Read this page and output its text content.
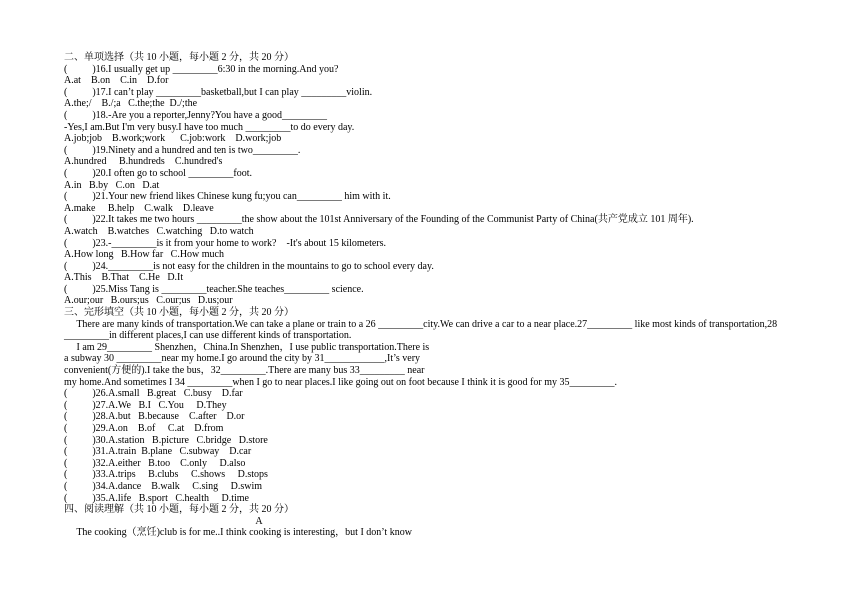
二、单项选择（共 10 小题，每小题 2 分，共 20 分）
(          )16.I usually get up _________6:30 in the morning.And you?
A.at    B.on    C.in    D.for
(          )17.I can’t play _________basketball,but I can play _________violin.
A.the;/    B./;a   C.the;the  D./;the
(          )18.-Are you a reporter,Jenny?You have a good_________
-Yes,I am.But I'm very busy.I have too much _________to do every day.
A.job;job    B.work;work      C.job:work    D.work;job
(          )19.Ninety and a hundred and ten is two_________.
A.hundred     B.hundreds    C.hundred's
(          )20.I often go to school _________foot.
A.in   B.by   C.on   D.at
(          )21.Your new friend likes Chinese kung fu;you can_________ him with it.
A.make     B.help    C.walk    D.leave
(          )22.It takes me two hours _________the show about the 101st Anniversary of the Founding of the Communist Party of China(共产党成立 101 周年).
A.watch    B.watches   C.watching   D.to watch
(          )23.-_________is it from your home to work?    -It's about 15 kilometers.
A.How long   B.How far   C.How much
(          )24._________is not easy for the children in the mountains to go to school every day.
A.This    B.That    C.He   D.It
(          )25.Miss Tang is _________teacher.She teaches_________ science.
A.our;our   B.ours;us   C.our;us   D.us;our
三、完形填空（共 10 小题，每小题 2 分，共 20 分）
There are many kinds of transportation.We can take a plane or train to a 26 _________city.We can drive a car to a near place.27_________ like most kinds of transportation,28
_________in different places,I can use different kinds of transportation.
I am 29_________ Shenzhen，China.In Shenzhen，I use public transportation.There is
a subway 30 _________near my home.I go around the city by 31____________,It’s very
convenient(方便的).I take the bus，32_________.There are many bus 33_________ near
my home.And sometimes I 34 _________when I go to near places.I like going out on foot because I think it is good for my 35_________.
(          )26.A.small   B.great   C.busy    D.far
(          )27.A.We   B.I   C.You     D.They
(          )28.A.but   B.because    C.after    D.or
(          )29.A.on    B.of     C.at    D.from
(          )30.A.station   B.picture   C.bridge   D.store
(          )31.A.train  B.plane   C.subway    D.car
(          )32.A.either   B.too    C.only     D.also
(          )33.A.trips     B.clubs     C.shows     D.stops
(          )34.A.dance    B.walk     C.sing     D.swim
(          )35.A.life   B.sport   C.health     D.time
四、阅读理解（共 10 小题，每小题 2 分，共 20 分）
A
The cooking（烹饪)club is for me..I think cooking is interesting，but I don’t know
